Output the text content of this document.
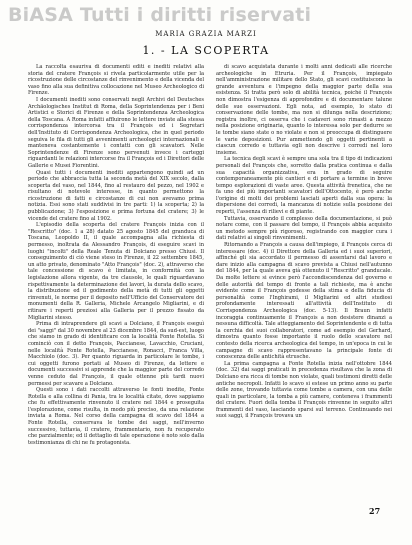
BiASA Tutti i diritti riservati
MARIA GRAZIA MARZI
1. - LA SCOPERTA

La raccolta esauriva di documenti editi e inediti relativi alla storia del cratere François si rivela particolarmente utile per la ricostruzione delle circostanze del rinvenimento e della vicenda del vaso fino alla sua definitiva collocazione nel Museo Archeologico di Firenze.

I documenti inediti sono conservati negli Archivi del Deutsches Archäologisches Institut di Roma, della Soprintendenza per i Beni Artistici e Storici di Firenze e della Soprintendenza Archeologica della Toscana. A Roma infatti affluirono le lettere inviate alla stessa corrispondenza intercorsa tra il François ed i Segretari dell'Instituto di Corrispondenza Archeologica, che in quel periodo seguiva le fila di tutti gli avvenimenti archeologici internazionali e manteneva costantemente i contatti con gli scavatori. Nelle Soprintendenze di Firenze sono pervenuti invece i carteggi riguardanti le relazioni intercorse fra il François ed i Direttori delle Gallerie e Musei Fiorentini.

Quasi tutti i documenti inediti appartengono quindi ad un periodo che abbraccia tutta la seconda metà del XIX secolo, dalla scoperta del vaso, nel 1844, fino al restauro del pezzo, nel 1902 e risultano di notevole interesse, in quanto permettono la ricostruzione di fatti e circostanze di cui non avevamo prima notizia. Essi sono stati suddivisi in tre parti: 1) la scoperta; 2) la pubblicazione; 3) l'esposizione e prima fortuna del cratere; 3) le vicende del cratere fino al 1902.

L'episodio della scoperta del cratere François inizia con il "Rescritto" (doc. 1 a 28) datato 25 agosto 1845 del granduca di Toscana, Leopoldo II, il quale accompagna alla richiesta di permesso, inoltrata da Alessandro François, di eseguire scavi in luoghi "incolti" della Reale Tenuta di Dolciano presso Chiusi. Il conseguimento di ciò viene steso in Firenze, il 22 settembre 1845, un atto privato, denominato "Atto François" (doc. 2), attraverso che tale concessione di scavo è limitata, in conformità con la legislazione allora vigente, da tre clausole, le quali riguardavano rispettivamente la determinazione dei lavori, la durata dello scavo, la distribuzione ed il godimento della metà di tutti gli oggetti rinvenuti, le norme per il deposito nell'Ufficio del Conservatore dei monumenti della R. Galleria, Michele Arcangelo Migliarini, e di ritirare i reperti preziosi alla Galleria per il prezzo fissato da Migliarini stesso.

Prima di intraprendere gli scavi a Dolciano, il François eseguì dei "saggi" dal 30 novembre al 23 dicembre 1844, da sud-est, luogo che siamo in grado di identificare con la località Fonte Rotella. Si cominciò con il detto François, Paccianese, Lavacchio, Cruciani, nelle località Fonte Rotella, Paccianese, Ronacci, Franca Villa, Macchiolo (doc. 3). Per quanto riguarda in particolare le tombe, i cui oggetti furono portati al Museo di Firenze, da lettere e documenti successivi si apprende che la maggior parte del corredo venne ceduto dal François, il quale ottenne più tardi nuovi permessi per scavare a Dolciano.

Questi sono i dati raccolti attraverso le fonti inedite, Fonte Rotella e alla collina di Pania, tra le località citate, dove sappiamo che fu effettivamente rinvenuto il cratere nel 1844 e proseguita l'esplorazione, come risulta, in modo più preciso, da una relazione inviata a Roma. Nel corso della campagna di scavo del 1844 a Fonte Rotella, conservava le tombe dei saggi, nell'inverno successivo, tuttavia, il cratere, frammentario, non fu recuperato che parzialmente; ed il dettaglio di tale operazione è noto solo dalla testimonianza di chi ne fu protagonista.

di scavo acquistata durante i molti anni dedicati alle ricerche archeologiche in Etruria. Per il François, impiegato nell'amministrazione militare dello Stato, gli scavi costituiscono la grande avventura e l'impegno della maggior parte della sua esistenza. Si tratta però solo di abilità tecnica, poiché il François non dimostra l'esigenza di approfondire e di documentare talune delle sue osservazioni. Egli nota, ad esempio, lo stato di conservazione delle tombe, ma non si dilunga nella descrizione; registra inoltre, ci osserva che i cadaveri sono rimasti a mezzo nella posizione originaria, quanto lo interessa solo per dedurre se le tombe siano state o no violate e non si preoccupa di distinguere le varie deposizioni. Pur ammettendo gli oggetti pertinenti a ciascun corredo e tuttavia egli non descrive i corredi nel loro insieme.

La tecnica degli scavi è sempre una sola tra il tipo di indicazioni personali del François che, sorretto dalla pratica continua e dalla sua capacità organizzativa, era in grado di seguire contemporaneamente più cantieri e di portare a termine in breve tempo esplorazioni di vaste aree. Questa attività frenetica, che ne fa uno dei più importanti scavatori dell'Ottocento, è però anche l'origine di molti dei problemi lasciati aperti dalla sua opera: la dispersione dei corredi, la mancanza di notizie sulla posizione dei reperti, l'assenza di rilievi e di piante.

Tuttavia, osservando il complesso della documentazione, si può notare come, con il passare del tempo, il François abbia acquisito un metodo sempre più rigoroso, registrando con maggior cura i dati relativi ai singoli rinvenimenti.

Ritornando a François a causa dell'impiego, il François cerca di interessare (doc. 4) il Direttore della Galleria ed i suoi superiori, affinché gli sia accordato il permesso di assentarsi dal lavoro e dare inizio alla campagna di scavo prevista a Chiusi nell'autunno del 1844, per la quale aveva già ottenuto il "Rescritto" granducale. Da molte lettere si evince però l'accondiscendenza del governo e delle autorità del tempo di fronte a tali richieste, ma è anche evidente come il François godesse della stima e della fiducia di personalità come l'Inghirami, il Migliarini ed altri studiosi profondamente interessati all'attività dell'Instituto di Corrispondenza Archeologica (doc. 5-13). Il Braun infatti incoraggia continuamente il François a non desistere dinanzi a nessuna difficoltà. Tale atteggiamento del Soprintendente e di tutta la cerchia dei suoi collaboratori, come ad esempio del Gerhard, dimostra quanto fosse importante il ruolo dello scavatore nel contesto della ricerca archeologica del tempo, in un'epoca in cui le campagne di scavo rappresentavano la principale fonte di conoscenza delle antichità etrusche.

La prima campagna a Fonte Rotella inizia nell'ottobre 1844 (doc. 32) dai saggi praticati in precedenza risultava che la zona di Dolciano era ricca di tombe non violate, quali testimoni diretti delle antiche necropoli. Infatti lo scavo si estese un primo anno su parte delle zone, trovando tuttavia come tombe a camera, con una delle quali in particolare, la tomba a più camere, conteneva i frammenti del cratere. Fuori della tomba il François rinvenne in seguito altri frammenti del vaso, lasciando sparsi sul terreno. Continuando nei suoi saggi, il François trovava un

27
